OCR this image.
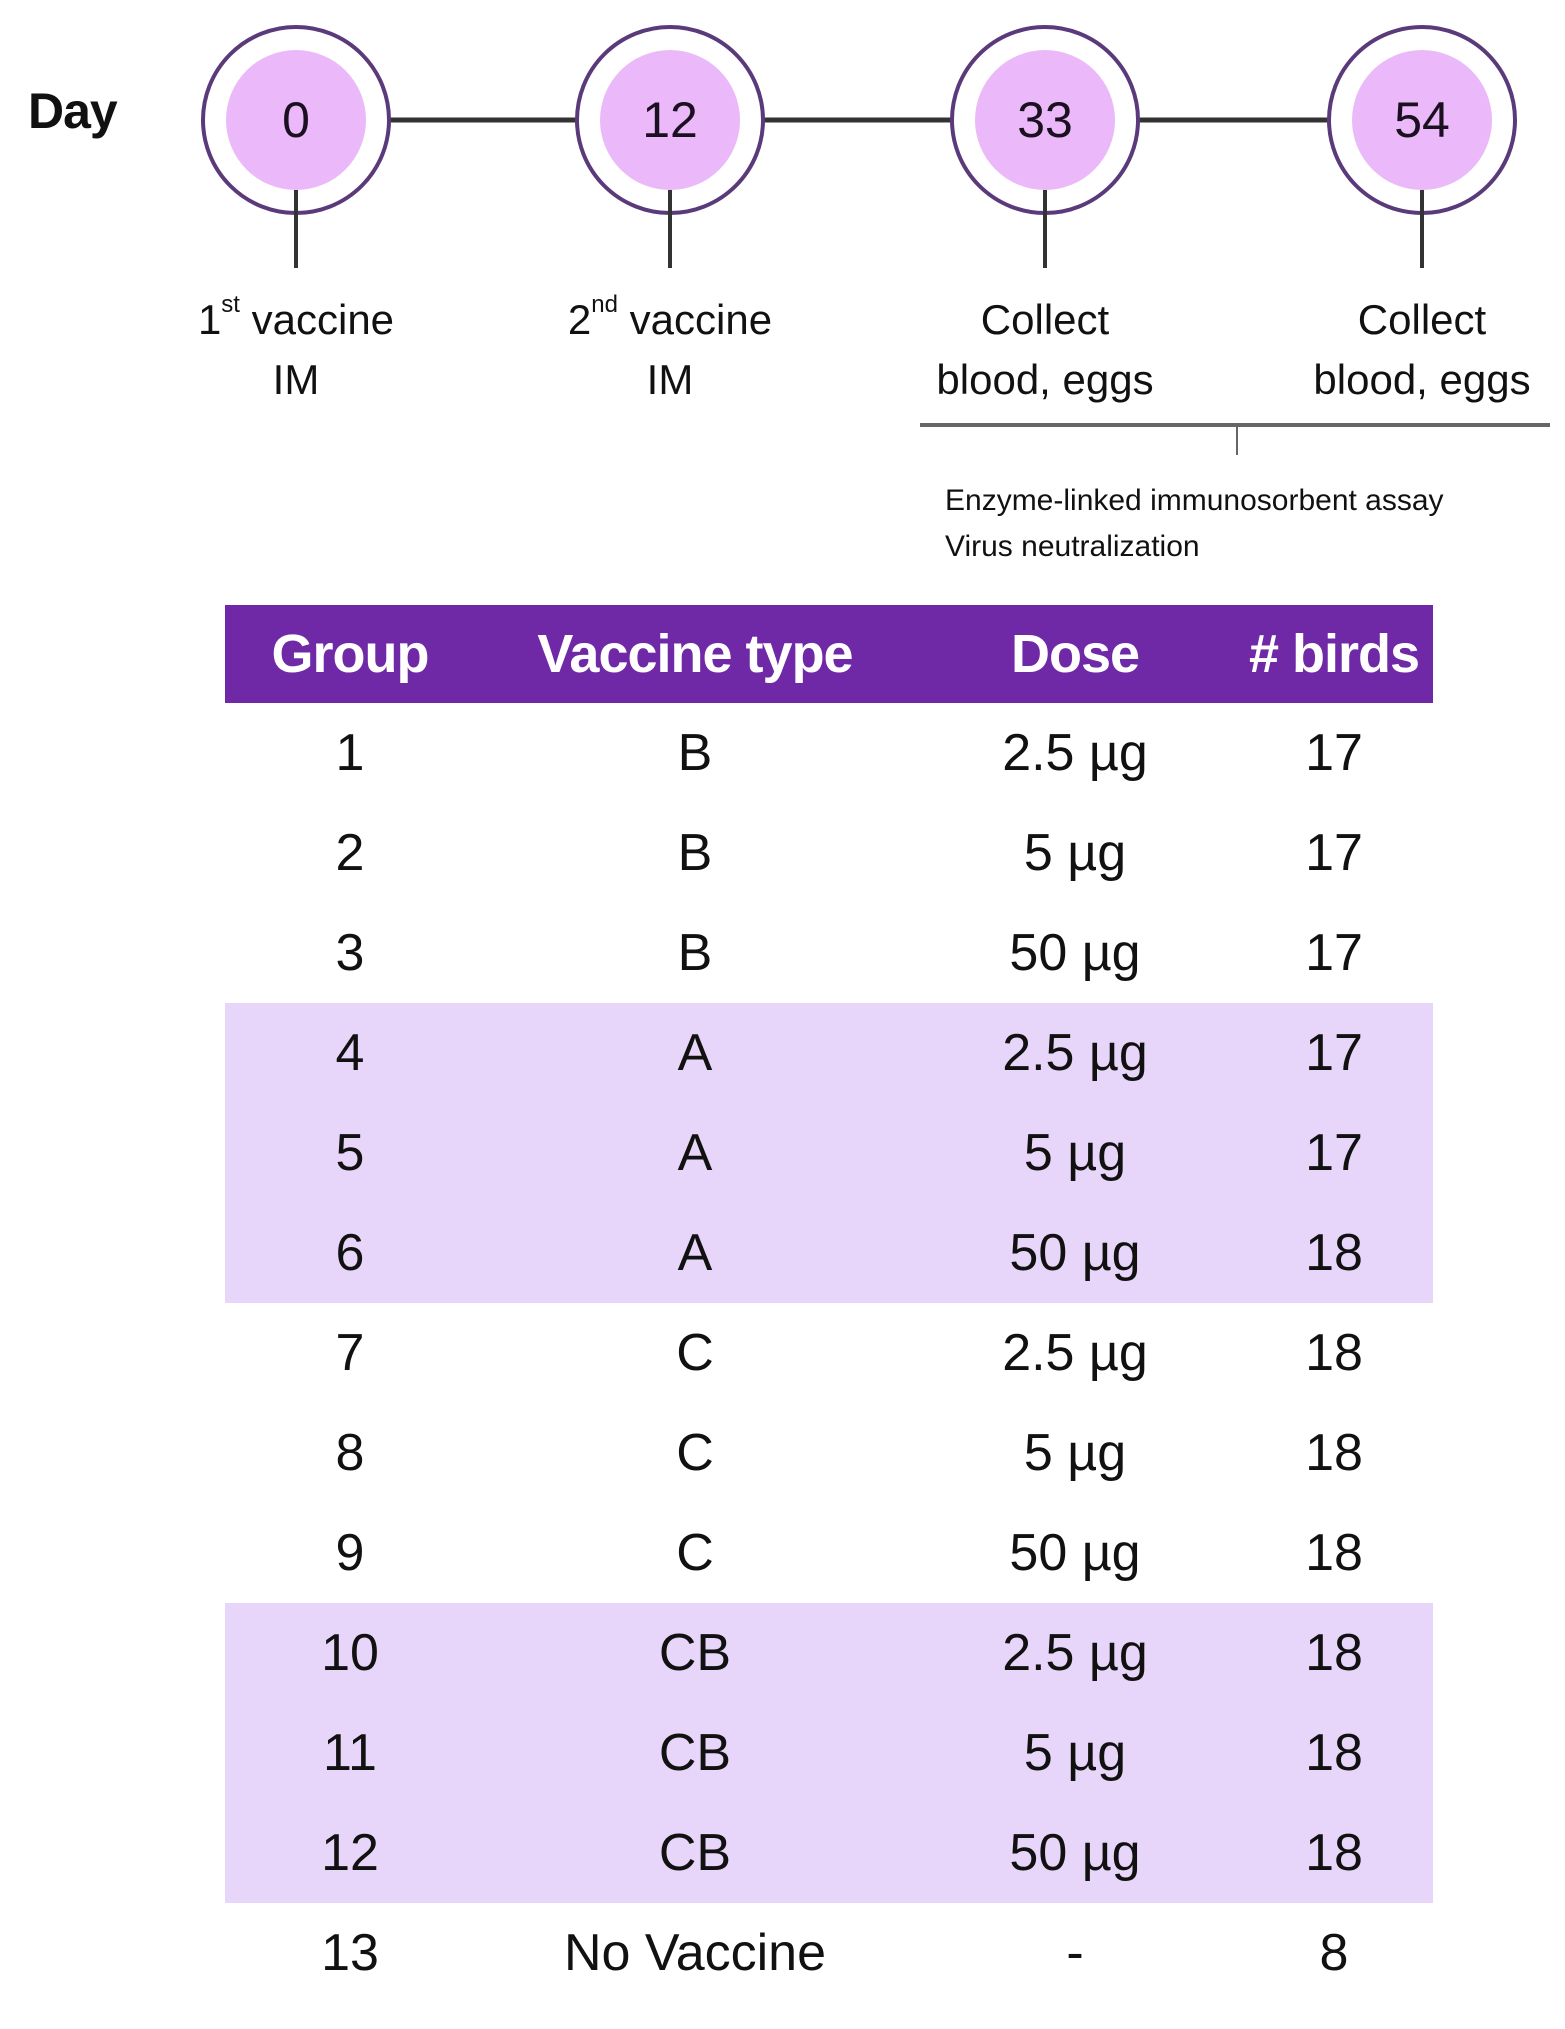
Day	0	12	33	54
1st vaccine
IM
2nd vaccine
IM
Collect
blood, eggs
Collect
blood, eggs
Enzyme-linked immunosorbent assay
Virus neutralization
Group	Vaccine type	Dose	# birds
1	B	2.5 µg	17
2	B	5 µg	17
3	B	50 µg	17
4	A	2.5 µg	17
5	A	5 µg	17
6	A	50 µg	18
7	C	2.5 µg	18
8	C	5 µg	18
9	C	50 µg	18
10	CB	2.5 µg	18
11	CB	5 µg	18
12	CB	50 µg	18
13	No Vaccine	-	8
